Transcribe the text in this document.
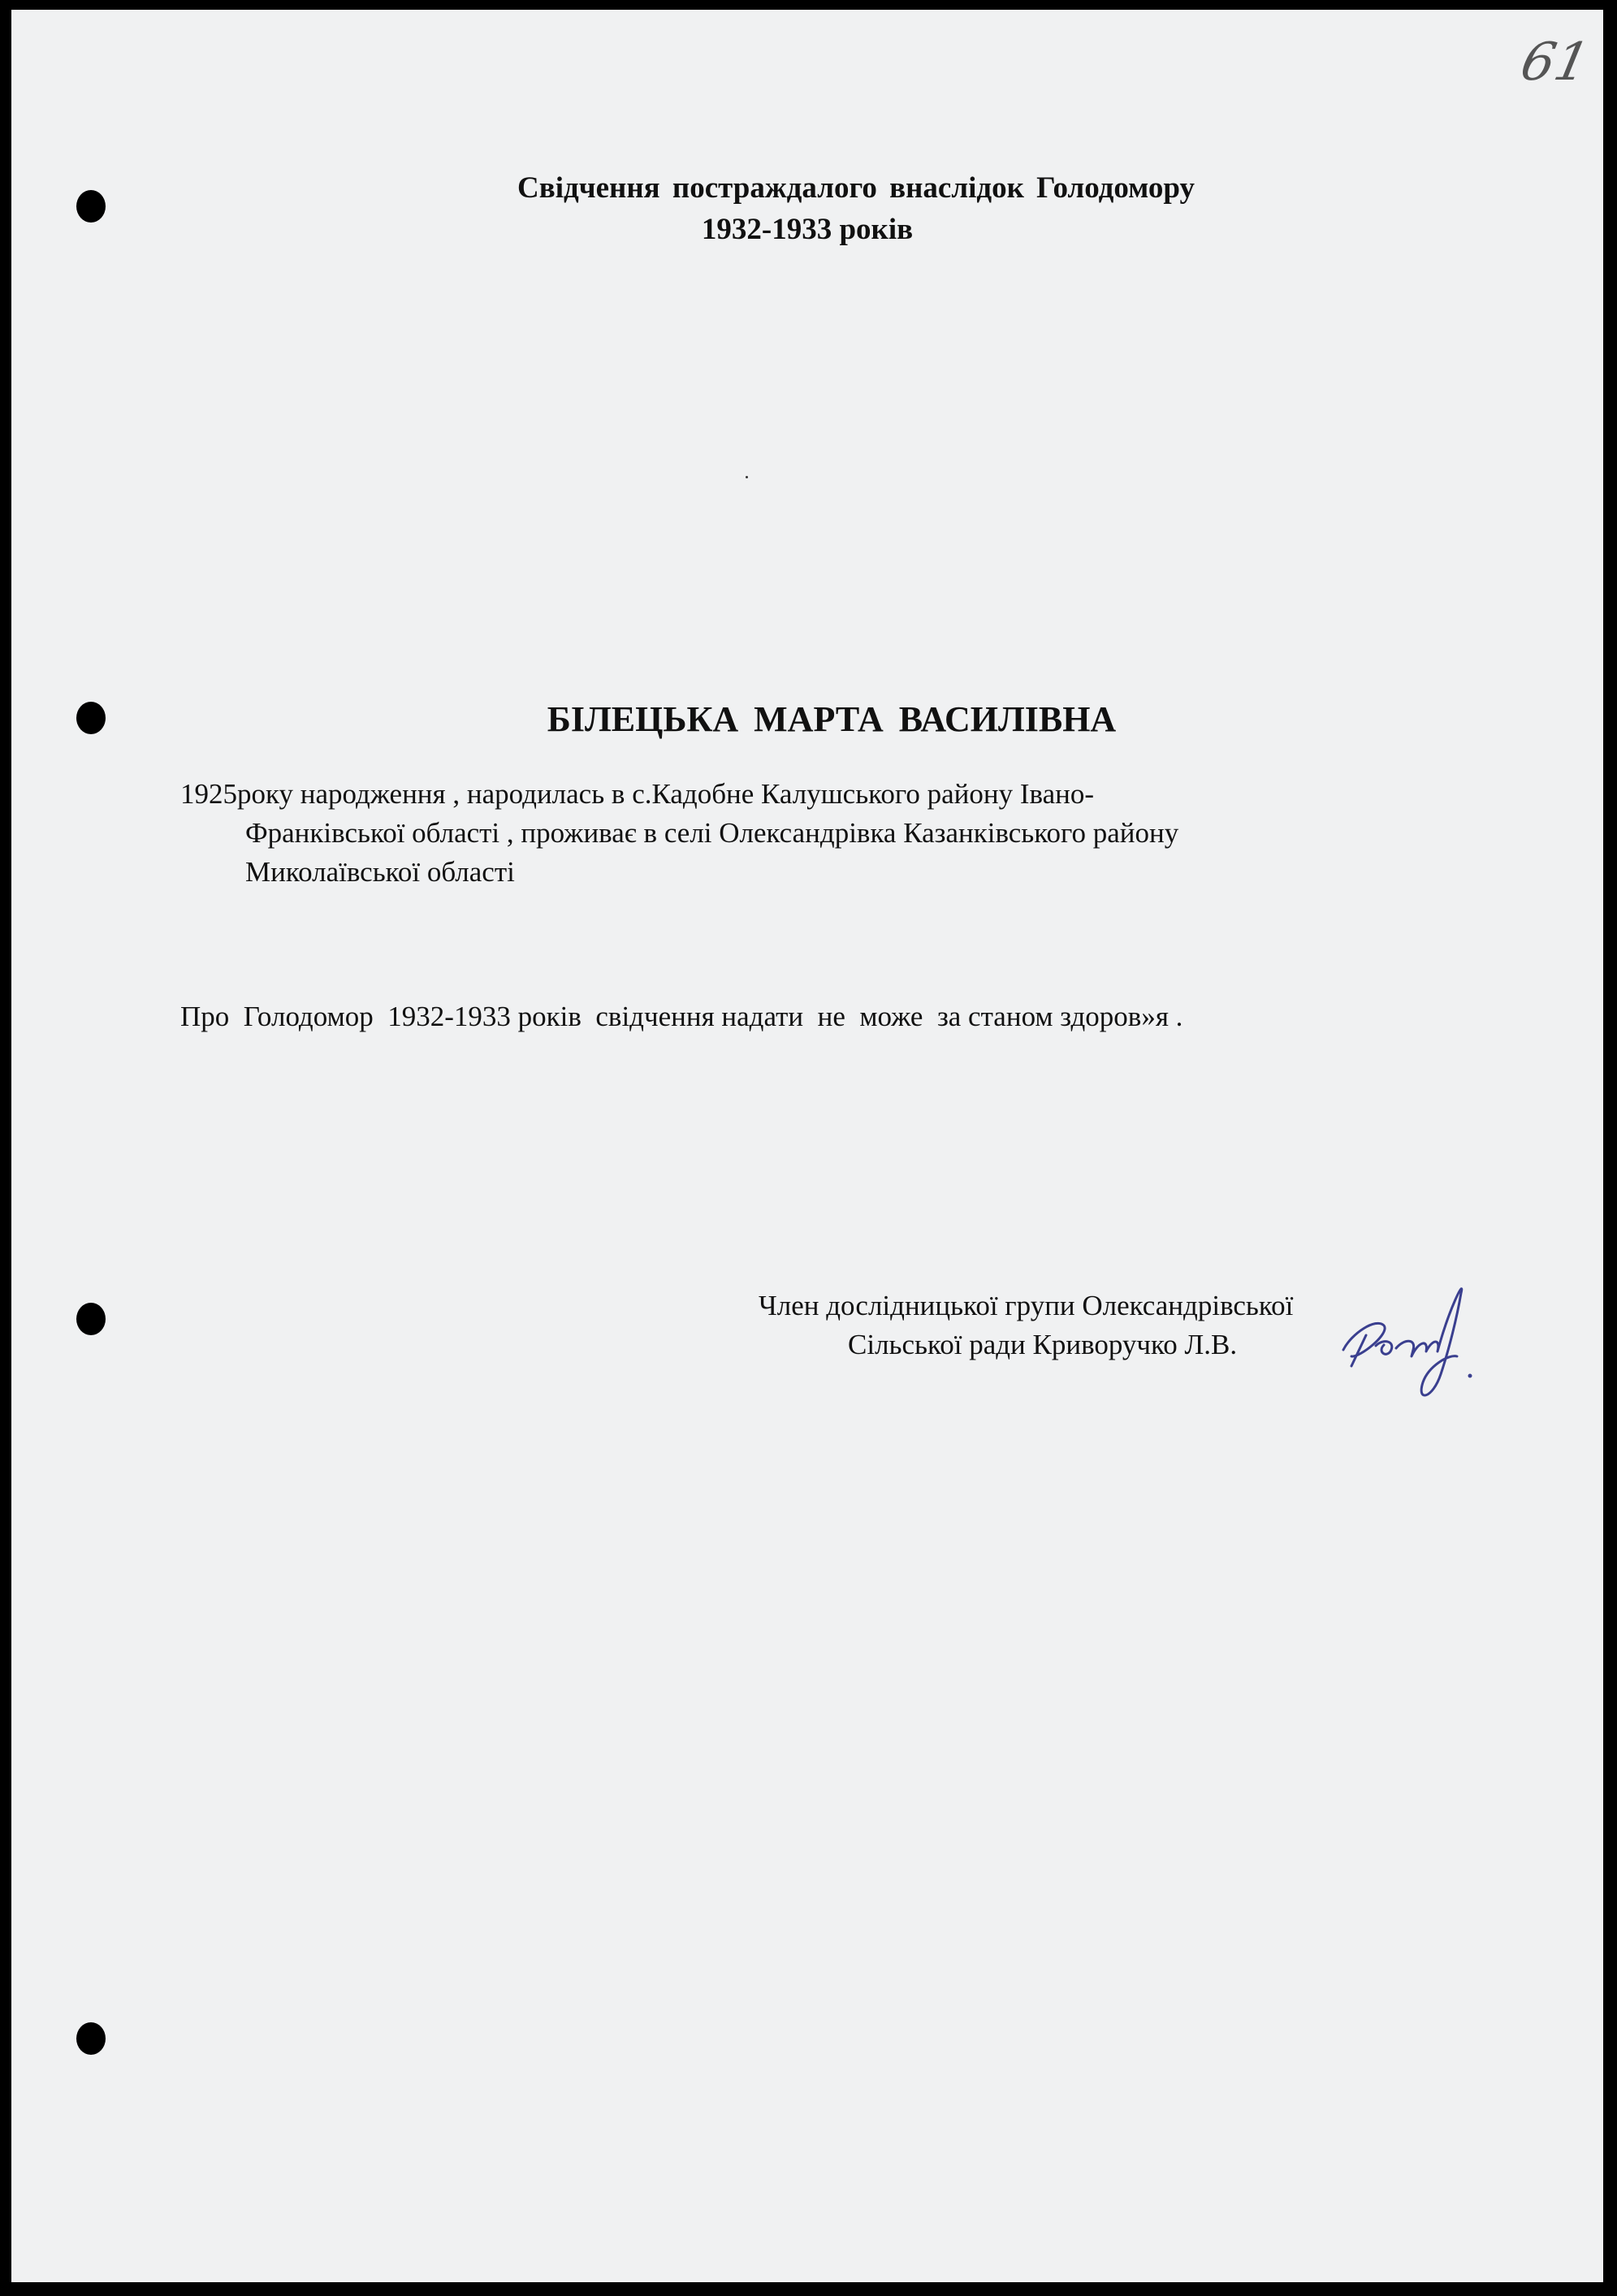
61
Свідчення постраждалого внаслідок Голодомору
1932-1933 років
БІЛЕЦЬКА МАРТА ВАСИЛІВНА
1925року народження , народилась в с.Кадобне Калушського району Івано-
Франківської області , проживає в селі Олександрівка Казанківського району
Миколаївської області
Про  Голодомор  1932-1933 років  свідчення надати  не  може  за станом здоров»я .
Член дослідницької групи Олександрівської
Сільської ради Криворучко Л.В.
